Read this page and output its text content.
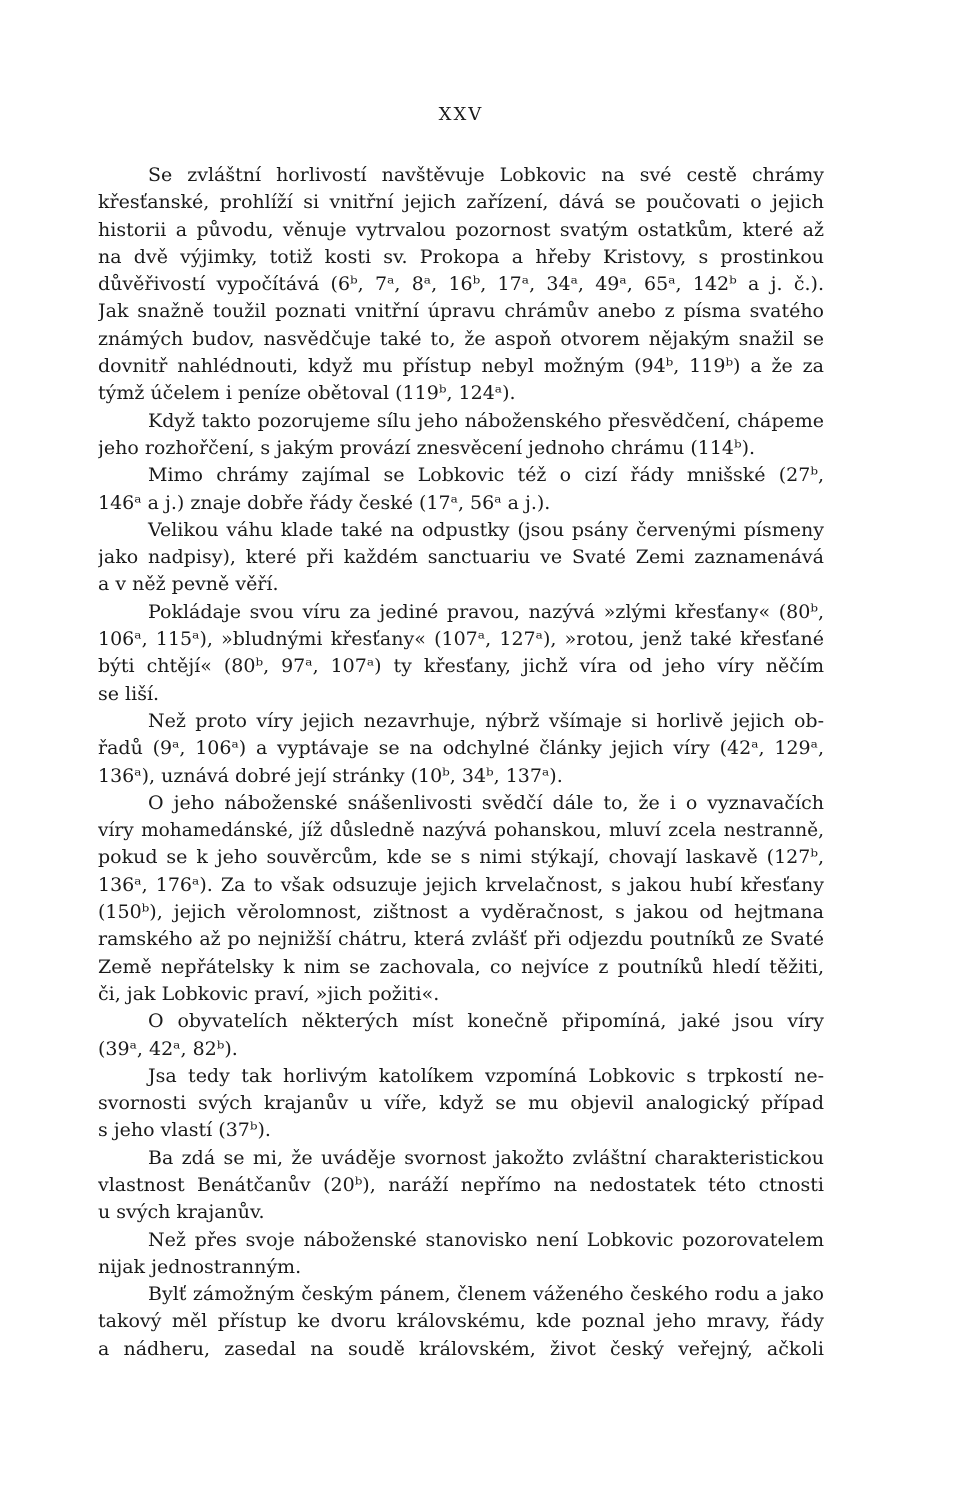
XXV
Se zvláštní horlivostí navštěvuje Lobkovic na své cestě chrámy
křesťanské, prohlíží si vnitřní jejich zařízení, dává se poučovati o jejich
historii a původu, věnuje vytrvalou pozornost svatým ostatkům, které až
na dvě výjimky, totiž kosti sv. Prokopa a hřeby Kristovy, s prostinkou
důvěřivostí vypočítává (6ᵇ, 7ᵃ, 8ᵃ, 16ᵇ, 17ᵃ, 34ᵃ, 49ᵃ, 65ᵃ, 142ᵇ a j. č.).
Jak snažně toužil poznati vnitřní úpravu chrámův anebo z písma svatého
známých budov, nasvědčuje také to, že aspoň otvorem nějakým snažil se
dovnitř nahlédnouti, když mu přístup nebyl možným (94ᵇ, 119ᵇ) a že za
týmž účelem i peníze obětoval (119ᵇ, 124ᵃ).
Když takto pozorujeme sílu jeho náboženského přesvědčení, chápeme
jeho rozhořčení, s jakým provází znesvěcení jednoho chrámu (114ᵇ).
Mimo chrámy zajímal se Lobkovic též o cizí řády mnišské (27ᵇ,
146ᵃ a j.) znaje dobře řády české (17ᵃ, 56ᵃ a j.).
Velikou váhu klade také na odpustky (jsou psány červenými písmeny
jako nadpisy), které při každém sanctuariu ve Svaté Zemi zaznamenává
a v něž pevně věří.
Pokládaje svou víru za jediné pravou, nazývá »zlými křesťany« (80ᵇ,
106ᵃ, 115ᵃ), »bludnými křesťany« (107ᵃ, 127ᵃ), »rotou, jenž také křesťané
býti chtějí« (80ᵇ, 97ᵃ, 107ᵃ) ty křesťany, jichž víra od jeho víry něčím
se liší.
Než proto víry jejich nezavrhuje, nýbrž všímaje si horlivě jejich ob-
řadů (9ᵃ, 106ᵃ) a vyptávaje se na odchylné články jejich víry (42ᵃ, 129ᵃ,
136ᵃ), uznává dobré její stránky (10ᵇ, 34ᵇ, 137ᵃ).
O jeho náboženské snášenlivosti svědčí dále to, že i o vyznavačích
víry mohamedánské, jíž důsledně nazývá pohanskou, mluví zcela nestranně,
pokud se k jeho souvěrcům, kde se s nimi stýkají, chovají laskavě (127ᵇ,
136ᵃ, 176ᵃ). Za to však odsuzuje jejich krvelačnost, s jakou hubí křesťany
(150ᵇ), jejich věrolomnost, zištnost a vyděračnost, s jakou od hejtmana
ramského až po nejnižší chátru, která zvlášť při odjezdu poutníků ze Svaté
Země nepřátelsky k nim se zachovala, co nejvíce z poutníků hledí těžiti,
či, jak Lobkovic praví, »jich požiti«.
O obyvatelích některých míst konečně připomíná, jaké jsou víry
(39ᵃ, 42ᵃ, 82ᵇ).
Jsa tedy tak horlivým katolíkem vzpomíná Lobkovic s trpkostí ne-
svornosti svých krajanův u víře, když se mu objevil analogický případ
s jeho vlastí (37ᵇ).
Ba zdá se mi, že uváděje svornost jakožto zvláštní charakteristickou
vlastnost Benátčanův (20ᵇ), naráží nepřímo na nedostatek této ctnosti
u svých krajanův.
Než přes svoje náboženské stanovisko není Lobkovic pozorovatelem
nijak jednostranným.
Bylť zámožným českým pánem, členem váženého českého rodu a jako
takový měl přístup ke dvoru královskému, kde poznal jeho mravy, řády
a nádheru, zasedal na soudě královském, život český veřejný, ačkoli
